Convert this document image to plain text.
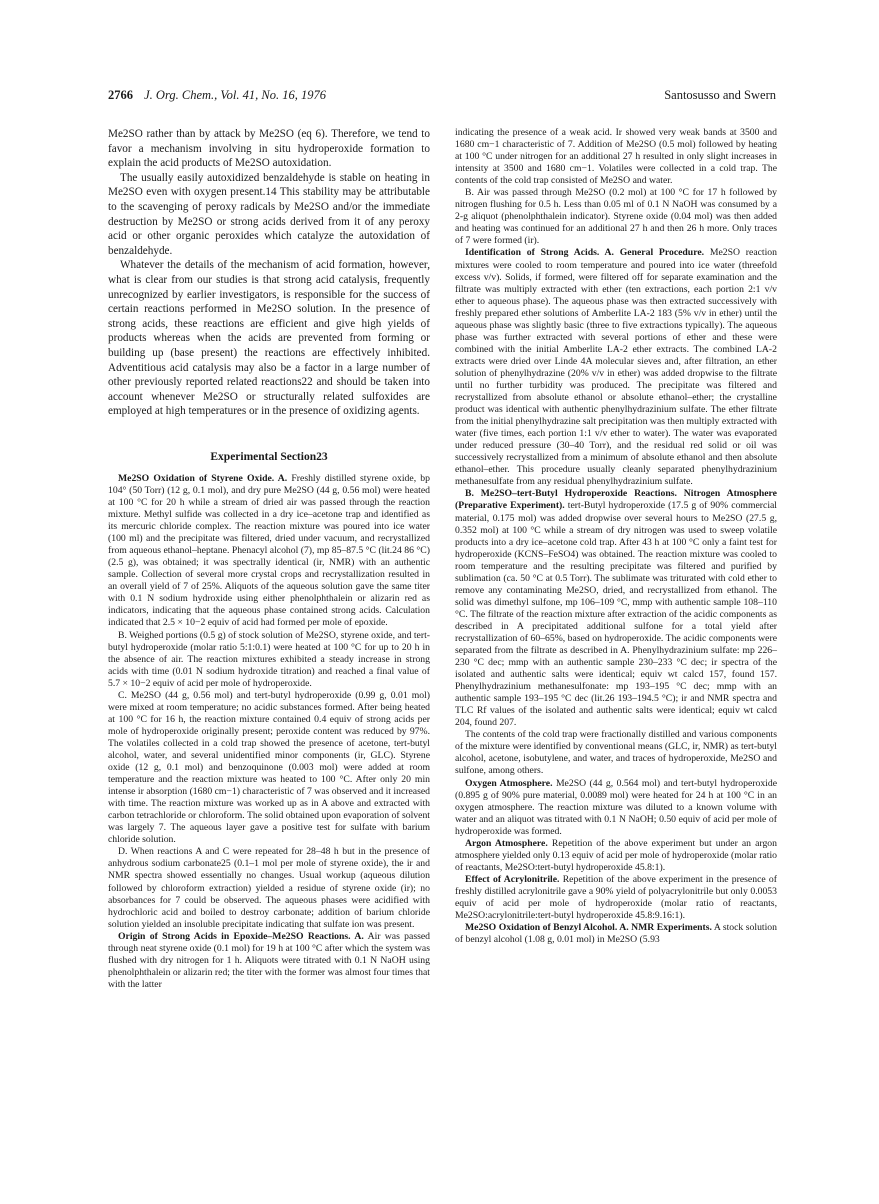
2766 J. Org. Chem., Vol. 41, No. 16, 1976	Santosusso and Swern

Me2SO rather than by attack by Me2SO (eq 6). Therefore, we tend to favor a mechanism involving in situ hydroperoxide formation to explain the acid products of Me2SO autoxidation.

The usually easily autoxidized benzaldehyde is stable on heating in Me2SO even with oxygen present.14 This stability may be attributable to the scavenging of peroxy radicals by Me2SO and/or the immediate destruction by Me2SO or strong acids derived from it of any peroxy acid or other organic peroxides which catalyze the autoxidation of benzaldehyde.

Whatever the details of the mechanism of acid formation, however, what is clear from our studies is that strong acid catalysis, frequently unrecognized by earlier investigators, is responsible for the success of certain reactions performed in Me2SO solution. In the presence of strong acids, these reactions are efficient and give high yields of products whereas when the acids are prevented from forming or building up (base present) the reactions are effectively inhibited. Adventitious acid catalysis may also be a factor in a large number of other previously reported related reactions22 and should be taken into account whenever Me2SO or structurally related sulfoxides are employed at high temperatures or in the presence of oxidizing agents.

Experimental Section23

Me2SO Oxidation of Styrene Oxide. A. Freshly distilled styrene oxide, bp 104° (50 Torr) (12 g, 0.1 mol), and dry pure Me2SO (44 g, 0.56 mol) were heated at 100 °C for 20 h while a stream of dried air was passed through the reaction mixture. Methyl sulfide was collected in a dry ice–acetone trap and identified as its mercuric chloride complex. The reaction mixture was poured into ice water (100 ml) and the precipitate was filtered, dried under vacuum, and recrystallized from aqueous ethanol–heptane. Phenacyl alcohol (7), mp 85–87.5 °C (lit.24 86 °C) (2.5 g), was obtained; it was spectrally identical (ir, NMR) with an authentic sample. Collection of several more crystal crops and recrystallization resulted in an overall yield of 7 of 25%. Aliquots of the aqueous solution gave the same titer with 0.1 N sodium hydroxide using either phenolphthalein or alizarin red as indicators, indicating that the aqueous phase contained strong acids. Calculation indicated that 2.5 × 10−2 equiv of acid had formed per mole of epoxide.

B. Weighed portions (0.5 g) of stock solution of Me2SO, styrene oxide, and tert-butyl hydroperoxide (molar ratio 5:1:0.1) were heated at 100 °C for up to 20 h in the absence of air. The reaction mixtures exhibited a steady increase in strong acids with time (0.01 N sodium hydroxide titration) and reached a final value of 5.7 × 10−2 equiv of acid per mole of hydroperoxide.

C. Me2SO (44 g, 0.56 mol) and tert-butyl hydroperoxide (0.99 g, 0.01 mol) were mixed at room temperature; no acidic substances formed. After being heated at 100 °C for 16 h, the reaction mixture contained 0.4 equiv of strong acids per mole of hydroperoxide originally present; peroxide content was reduced by 97%. The volatiles collected in a cold trap showed the presence of acetone, tert-butyl alcohol, water, and several unidentified minor components (ir, GLC). Styrene oxide (12 g, 0.1 mol) and benzoquinone (0.003 mol) were added at room temperature and the reaction mixture was heated to 100 °C. After only 20 min intense ir absorption (1680 cm−1) characteristic of 7 was observed and it increased with time. The reaction mixture was worked up as in A above and extracted with carbon tetrachloride or chloroform. The solid obtained upon evaporation of solvent was largely 7. The aqueous layer gave a positive test for sulfate with barium chloride solution.

D. When reactions A and C were repeated for 28–48 h but in the presence of anhydrous sodium carbonate25 (0.1–1 mol per mole of styrene oxide), the ir and NMR spectra showed essentially no changes. Usual workup (aqueous dilution followed by chloroform extraction) yielded a residue of styrene oxide (ir); no absorbances for 7 could be observed. The aqueous phases were acidified with hydrochloric acid and boiled to destroy carbonate; addition of barium chloride solution yielded an insoluble precipitate indicating that sulfate ion was present.

Origin of Strong Acids in Epoxide–Me2SO Reactions. A. Air was passed through neat styrene oxide (0.1 mol) for 19 h at 100 °C after which the system was flushed with dry nitrogen for 1 h. Aliquots were titrated with 0.1 N NaOH using phenolphthalein or alizarin red; the titer with the former was almost four times that with the latter

indicating the presence of a weak acid. Ir showed very weak bands at 3500 and 1680 cm−1 characteristic of 7. Addition of Me2SO (0.5 mol) followed by heating at 100 °C under nitrogen for an additional 27 h resulted in only slight increases in intensity at 3500 and 1680 cm−1. Volatiles were collected in a cold trap. The contents of the cold trap consisted of Me2SO and water.

B. Air was passed through Me2SO (0.2 mol) at 100 °C for 17 h followed by nitrogen flushing for 0.5 h. Less than 0.05 ml of 0.1 N NaOH was consumed by a 2-g aliquot (phenolphthalein indicator). Styrene oxide (0.04 mol) was then added and heating was continued for an additional 27 h and then 26 h more. Only traces of 7 were formed (ir).

Identification of Strong Acids. A. General Procedure. Me2SO reaction mixtures were cooled to room temperature and poured into ice water (threefold excess v/v). Solids, if formed, were filtered off for separate examination and the filtrate was multiply extracted with ether (ten extractions, each portion 2:1 v/v ether to aqueous phase). The aqueous phase was then extracted successively with freshly prepared ether solutions of Amberlite LA-2 183 (5% v/v in ether) until the aqueous phase was slightly basic (three to five extractions typically). The aqueous phase was further extracted with several portions of ether and these were combined with the initial Amberlite LA-2 ether extracts. The combined LA-2 extracts were dried over Linde 4A molecular sieves and, after filtration, an ether solution of phenylhydrazine (20% v/v in ether) was added dropwise to the filtrate until no further turbidity was produced. The precipitate was filtered and recrystallized from absolute ethanol or absolute ethanol–ether; the crystalline product was identical with authentic phenylhydrazinium sulfate. The ether filtrate from the initial phenylhydrazine salt precipitation was then multiply extracted with water (five times, each portion 1:1 v/v ether to water). The water was evaporated under reduced pressure (30–40 Torr), and the residual red solid or oil was successively recrystallized from a minimum of absolute ethanol and then absolute ethanol–ether. This procedure usually cleanly separated phenylhydrazinium methanesulfate from any residual phenylhydrazinium sulfate.

B. Me2SO–tert-Butyl Hydroperoxide Reactions. Nitrogen Atmosphere (Preparative Experiment). tert-Butyl hydroperoxide (17.5 g of 90% commercial material, 0.175 mol) was added dropwise over several hours to Me2SO (27.5 g, 0.352 mol) at 100 °C while a stream of dry nitrogen was used to sweep volatile products into a dry ice–acetone cold trap. After 43 h at 100 °C only a faint test for hydroperoxide (KCNS–FeSO4) was obtained. The reaction mixture was cooled to room temperature and the resulting precipitate was filtered and purified by sublimation (ca. 50 °C at 0.5 Torr). The sublimate was triturated with cold ether to remove any contaminating Me2SO, dried, and recrystallized from ethanol. The solid was dimethyl sulfone, mp 106–109 °C, mmp with authentic sample 108–110 °C. The filtrate of the reaction mixture after extraction of the acidic components as described in A precipitated additional sulfone for a total yield after recrystallization of 60–65%, based on hydroperoxide. The acidic components were separated from the filtrate as described in A. Phenylhydrazinium sulfate: mp 226–230 °C dec; mmp with an authentic sample 230–233 °C dec; ir spectra of the isolated and authentic salts were identical; equiv wt calcd 157, found 157. Phenylhydrazinium methanesulfonate: mp 193–195 °C dec; mmp with an authentic sample 193–195 °C dec (lit.26 193–194.5 °C); ir and NMR spectra and TLC Rf values of the isolated and authentic salts were identical; equiv wt calcd 204, found 207.

The contents of the cold trap were fractionally distilled and various components of the mixture were identified by conventional means (GLC, ir, NMR) as tert-butyl alcohol, acetone, isobutylene, and water, and traces of hydroperoxide, Me2SO and sulfone, among others.

Oxygen Atmosphere. Me2SO (44 g, 0.564 mol) and tert-butyl hydroperoxide (0.895 g of 90% pure material, 0.0089 mol) were heated for 24 h at 100 °C in an oxygen atmosphere. The reaction mixture was diluted to a known volume with water and an aliquot was titrated with 0.1 N NaOH; 0.50 equiv of acid per mole of hydroperoxide was formed.

Argon Atmosphere. Repetition of the above experiment but under an argon atmosphere yielded only 0.13 equiv of acid per mole of hydroperoxide (molar ratio of reactants, Me2SO:tert-butyl hydroperoxide 45.8:1).

Effect of Acrylonitrile. Repetition of the above experiment in the presence of freshly distilled acrylonitrile gave a 90% yield of polyacrylonitrile but only 0.0053 equiv of acid per mole of hydroperoxide (molar ratio of reactants, Me2SO:acrylonitrile:tert-butyl hydroperoxide 45.8:9.16:1).

Me2SO Oxidation of Benzyl Alcohol. A. NMR Experiments. A stock solution of benzyl alcohol (1.08 g, 0.01 mol) in Me2SO (5.93
